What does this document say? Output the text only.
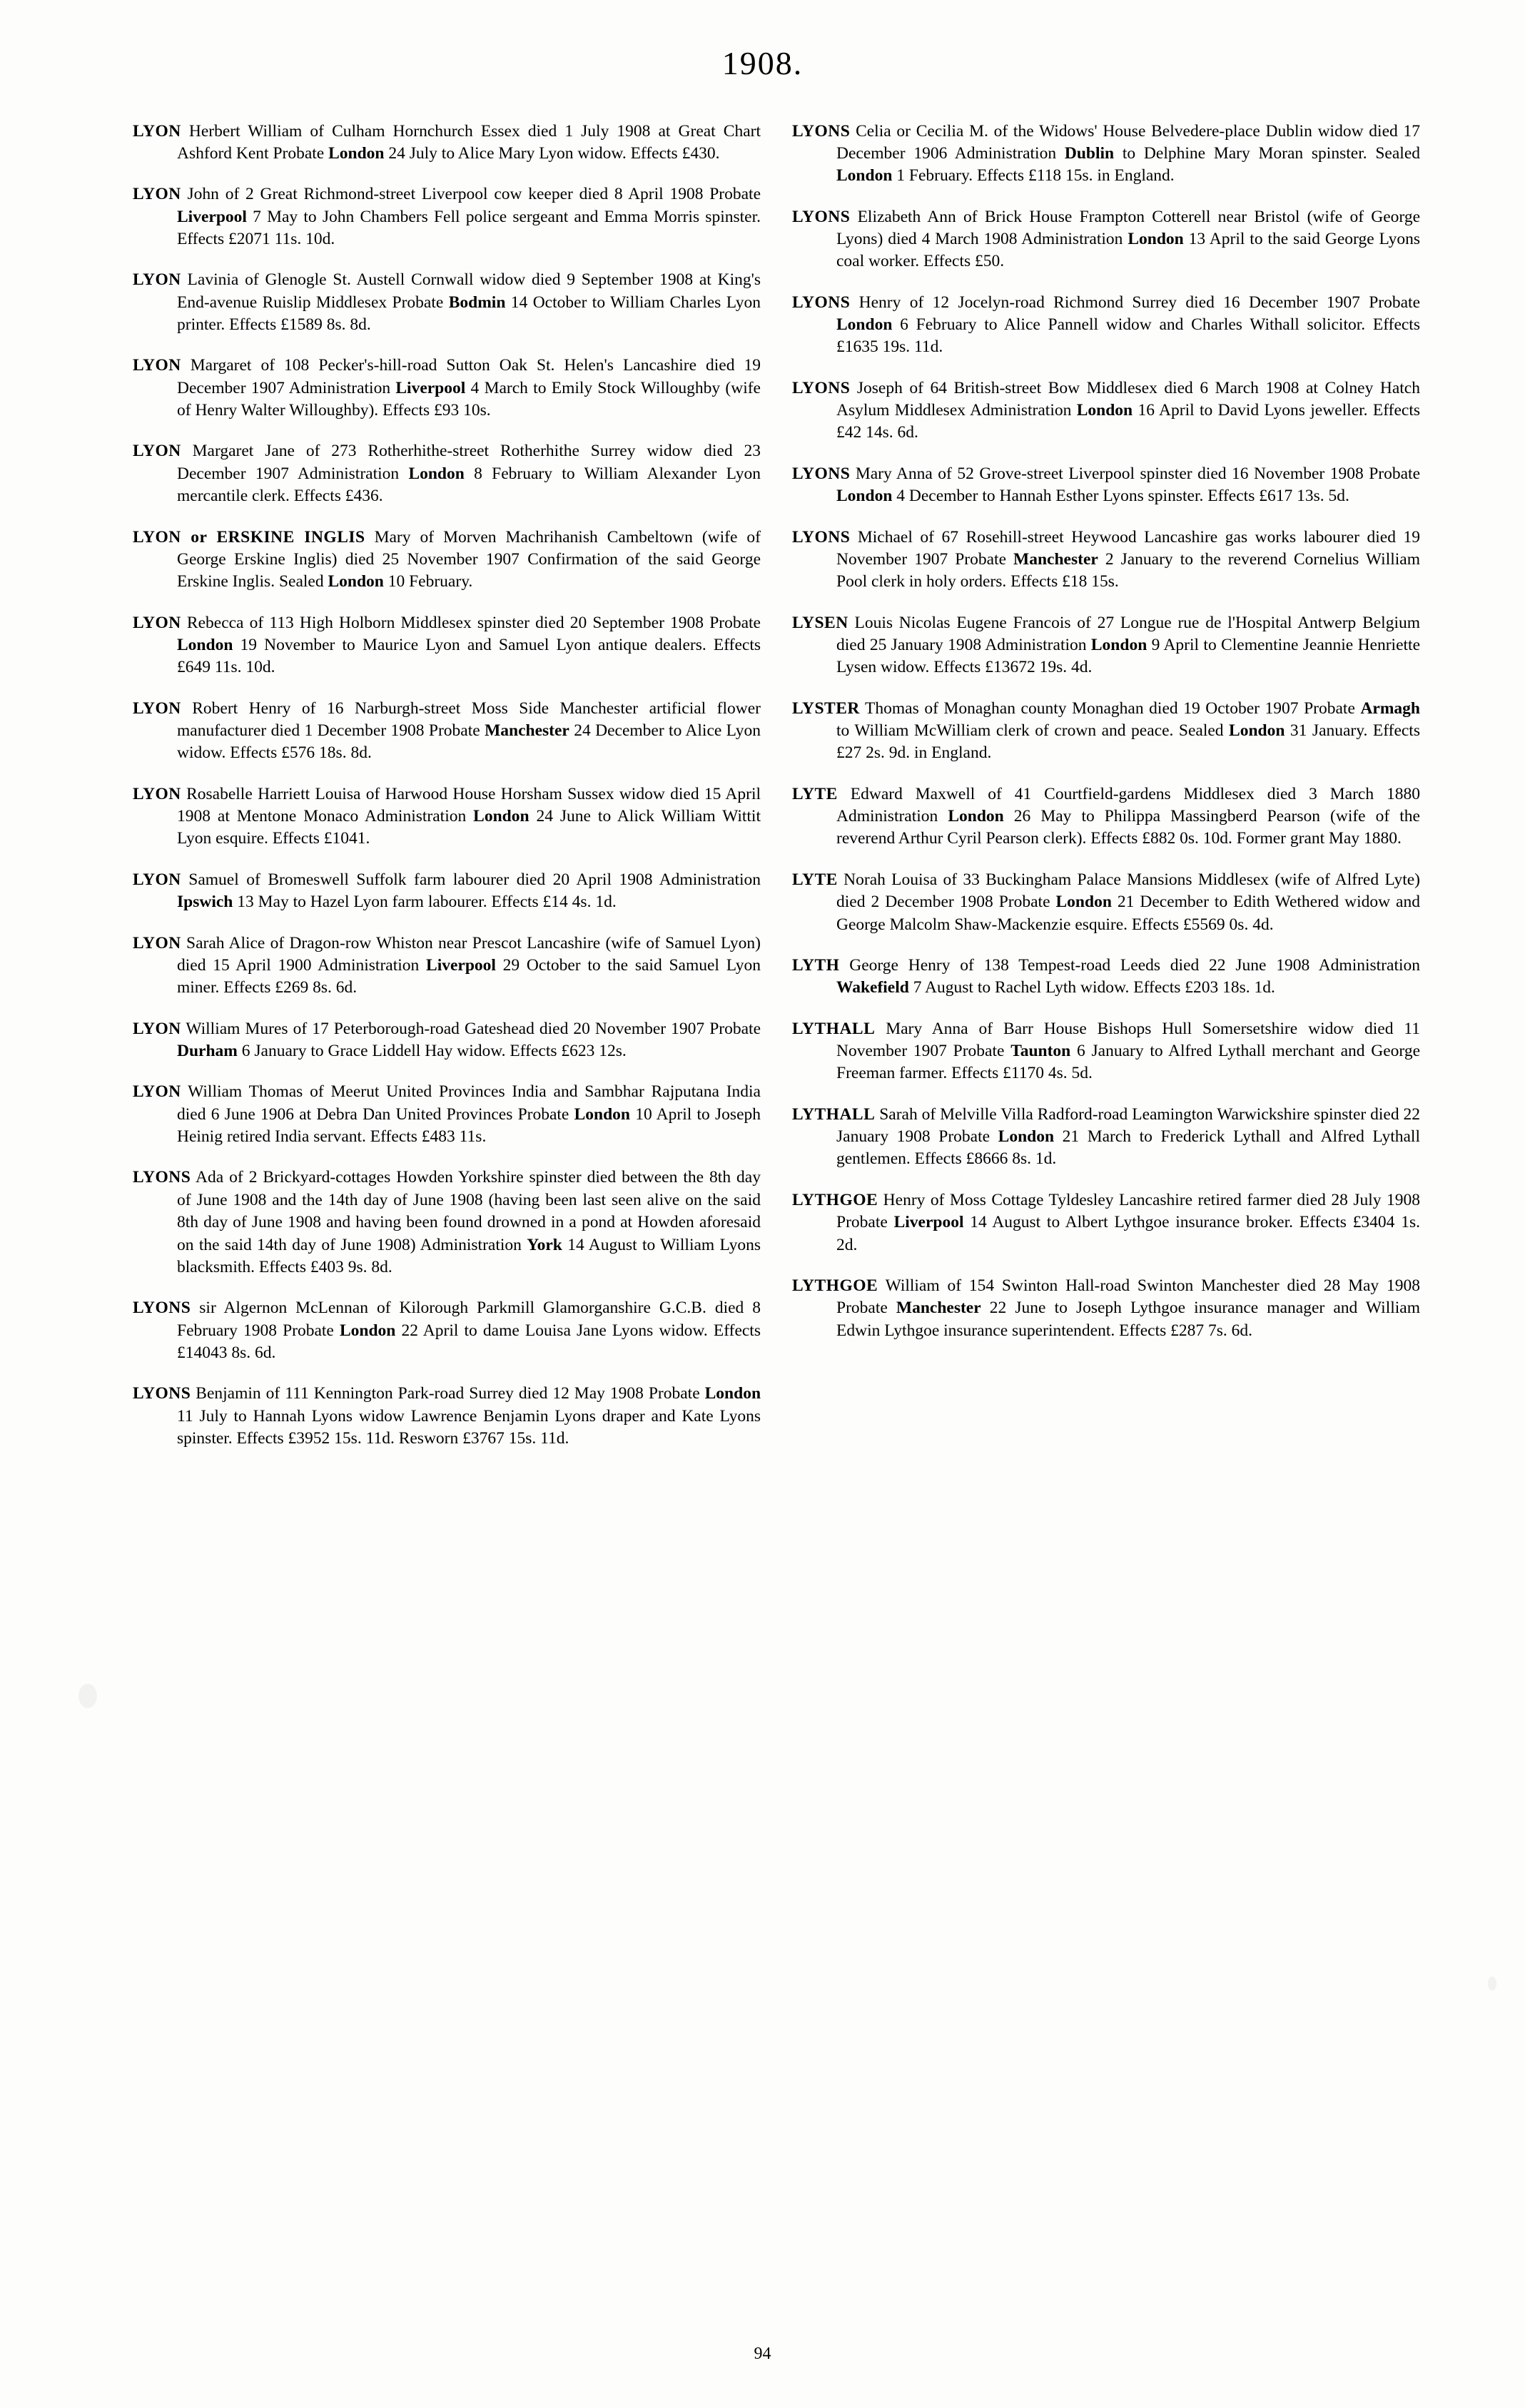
1908.

LYON Herbert William of Culham Hornchurch Essex died 1 July 1908 at Great Chart Ashford Kent Probate London 24 July to Alice Mary Lyon widow. Effects £430.

LYON John of 2 Great Richmond-street Liverpool cow keeper died 8 April 1908 Probate Liverpool 7 May to John Chambers Fell police sergeant and Emma Morris spinster. Effects £2071 11s. 10d.

LYON Lavinia of Glenogle St. Austell Cornwall widow died 9 September 1908 at King's End-avenue Ruislip Middlesex Probate Bodmin 14 October to William Charles Lyon printer. Effects £1589 8s. 8d.

LYON Margaret of 108 Pecker's-hill-road Sutton Oak St. Helen's Lancashire died 19 December 1907 Administration Liverpool 4 March to Emily Stock Willoughby (wife of Henry Walter Willoughby). Effects £93 10s.

LYON Margaret Jane of 273 Rotherhithe-street Rotherhithe Surrey widow died 23 December 1907 Administration London 8 February to William Alexander Lyon mercantile clerk. Effects £436.

LYON or ERSKINE INGLIS Mary of Morven Machrihanish Cambeltown (wife of George Erskine Inglis) died 25 November 1907 Confirmation of the said George Erskine Inglis. Sealed London 10 February.

LYON Rebecca of 113 High Holborn Middlesex spinster died 20 September 1908 Probate London 19 November to Maurice Lyon and Samuel Lyon antique dealers. Effects £649 11s. 10d.

LYON Robert Henry of 16 Narburgh-street Moss Side Manchester artificial flower manufacturer died 1 December 1908 Probate Manchester 24 December to Alice Lyon widow. Effects £576 18s. 8d.

LYON Rosabelle Harriett Louisa of Harwood House Horsham Sussex widow died 15 April 1908 at Mentone Monaco Administration London 24 June to Alick William Wittit Lyon esquire. Effects £1041.

LYON Samuel of Bromeswell Suffolk farm labourer died 20 April 1908 Administration Ipswich 13 May to Hazel Lyon farm labourer. Effects £14 4s. 1d.

LYON Sarah Alice of Dragon-row Whiston near Prescot Lancashire (wife of Samuel Lyon) died 15 April 1900 Administration Liverpool 29 October to the said Samuel Lyon miner. Effects £269 8s. 6d.

LYON William Mures of 17 Peterborough-road Gateshead died 20 November 1907 Probate Durham 6 January to Grace Liddell Hay widow. Effects £623 12s.

LYON William Thomas of Meerut United Provinces India and Sambhar Rajputana India died 6 June 1906 at Debra Dan United Provinces Probate London 10 April to Joseph Heinig retired India servant. Effects £483 11s.

LYONS Ada of 2 Brickyard-cottages Howden Yorkshire spinster died between the 8th day of June 1908 and the 14th day of June 1908 (having been last seen alive on the said 8th day of June 1908 and having been found drowned in a pond at Howden aforesaid on the said 14th day of June 1908) Administration York 14 August to William Lyons blacksmith. Effects £403 9s. 8d.

LYONS sir Algernon McLennan of Kilorough Parkmill Glamorganshire G.C.B. died 8 February 1908 Probate London 22 April to dame Louisa Jane Lyons widow. Effects £14043 8s. 6d.

LYONS Benjamin of 111 Kennington Park-road Surrey died 12 May 1908 Probate London 11 July to Hannah Lyons widow Lawrence Benjamin Lyons draper and Kate Lyons spinster. Effects £3952 15s. 11d. Resworn £3767 15s. 11d.

LYONS Celia or Cecilia M. of the Widows' House Belvedere-place Dublin widow died 17 December 1906 Administration Dublin to Delphine Mary Moran spinster. Sealed London 1 February. Effects £118 15s. in England.

LYONS Elizabeth Ann of Brick House Frampton Cotterell near Bristol (wife of George Lyons) died 4 March 1908 Administration London 13 April to the said George Lyons coal worker. Effects £50.

LYONS Henry of 12 Jocelyn-road Richmond Surrey died 16 December 1907 Probate London 6 February to Alice Pannell widow and Charles Withall solicitor. Effects £1635 19s. 11d.

LYONS Joseph of 64 British-street Bow Middlesex died 6 March 1908 at Colney Hatch Asylum Middlesex Administration London 16 April to David Lyons jeweller. Effects £42 14s. 6d.

LYONS Mary Anna of 52 Grove-street Liverpool spinster died 16 November 1908 Probate London 4 December to Hannah Esther Lyons spinster. Effects £617 13s. 5d.

LYONS Michael of 67 Rosehill-street Heywood Lancashire gas works labourer died 19 November 1907 Probate Manchester 2 January to the reverend Cornelius William Pool clerk in holy orders. Effects £18 15s.

LYSEN Louis Nicolas Eugene Francois of 27 Longue rue de l'Hospital Antwerp Belgium died 25 January 1908 Administration London 9 April to Clementine Jeannie Henriette Lysen widow. Effects £13672 19s. 4d.

LYSTER Thomas of Monaghan county Monaghan died 19 October 1907 Probate Armagh to William McWilliam clerk of crown and peace. Sealed London 31 January. Effects £27 2s. 9d. in England.

LYTE Edward Maxwell of 41 Courtfield-gardens Middlesex died 3 March 1880 Administration London 26 May to Philippa Massingberd Pearson (wife of the reverend Arthur Cyril Pearson clerk). Effects £882 0s. 10d. Former grant May 1880.

LYTE Norah Louisa of 33 Buckingham Palace Mansions Middlesex (wife of Alfred Lyte) died 2 December 1908 Probate London 21 December to Edith Wethered widow and George Malcolm Shaw-Mackenzie esquire. Effects £5569 0s. 4d.

LYTH George Henry of 138 Tempest-road Leeds died 22 June 1908 Administration Wakefield 7 August to Rachel Lyth widow. Effects £203 18s. 1d.

LYTHALL Mary Anna of Barr House Bishops Hull Somersetshire widow died 11 November 1907 Probate Taunton 6 January to Alfred Lythall merchant and George Freeman farmer. Effects £1170 4s. 5d.

LYTHALL Sarah of Melville Villa Radford-road Leamington Warwickshire spinster died 22 January 1908 Probate London 21 March to Frederick Lythall and Alfred Lythall gentlemen. Effects £8666 8s. 1d.

LYTHGOE Henry of Moss Cottage Tyldesley Lancashire retired farmer died 28 July 1908 Probate Liverpool 14 August to Albert Lythgoe insurance broker. Effects £3404 1s. 2d.

LYTHGOE William of 154 Swinton Hall-road Swinton Manchester died 28 May 1908 Probate Manchester 22 June to Joseph Lythgoe insurance manager and William Edwin Lythgoe insurance superintendent. Effects £287 7s. 6d.

94
